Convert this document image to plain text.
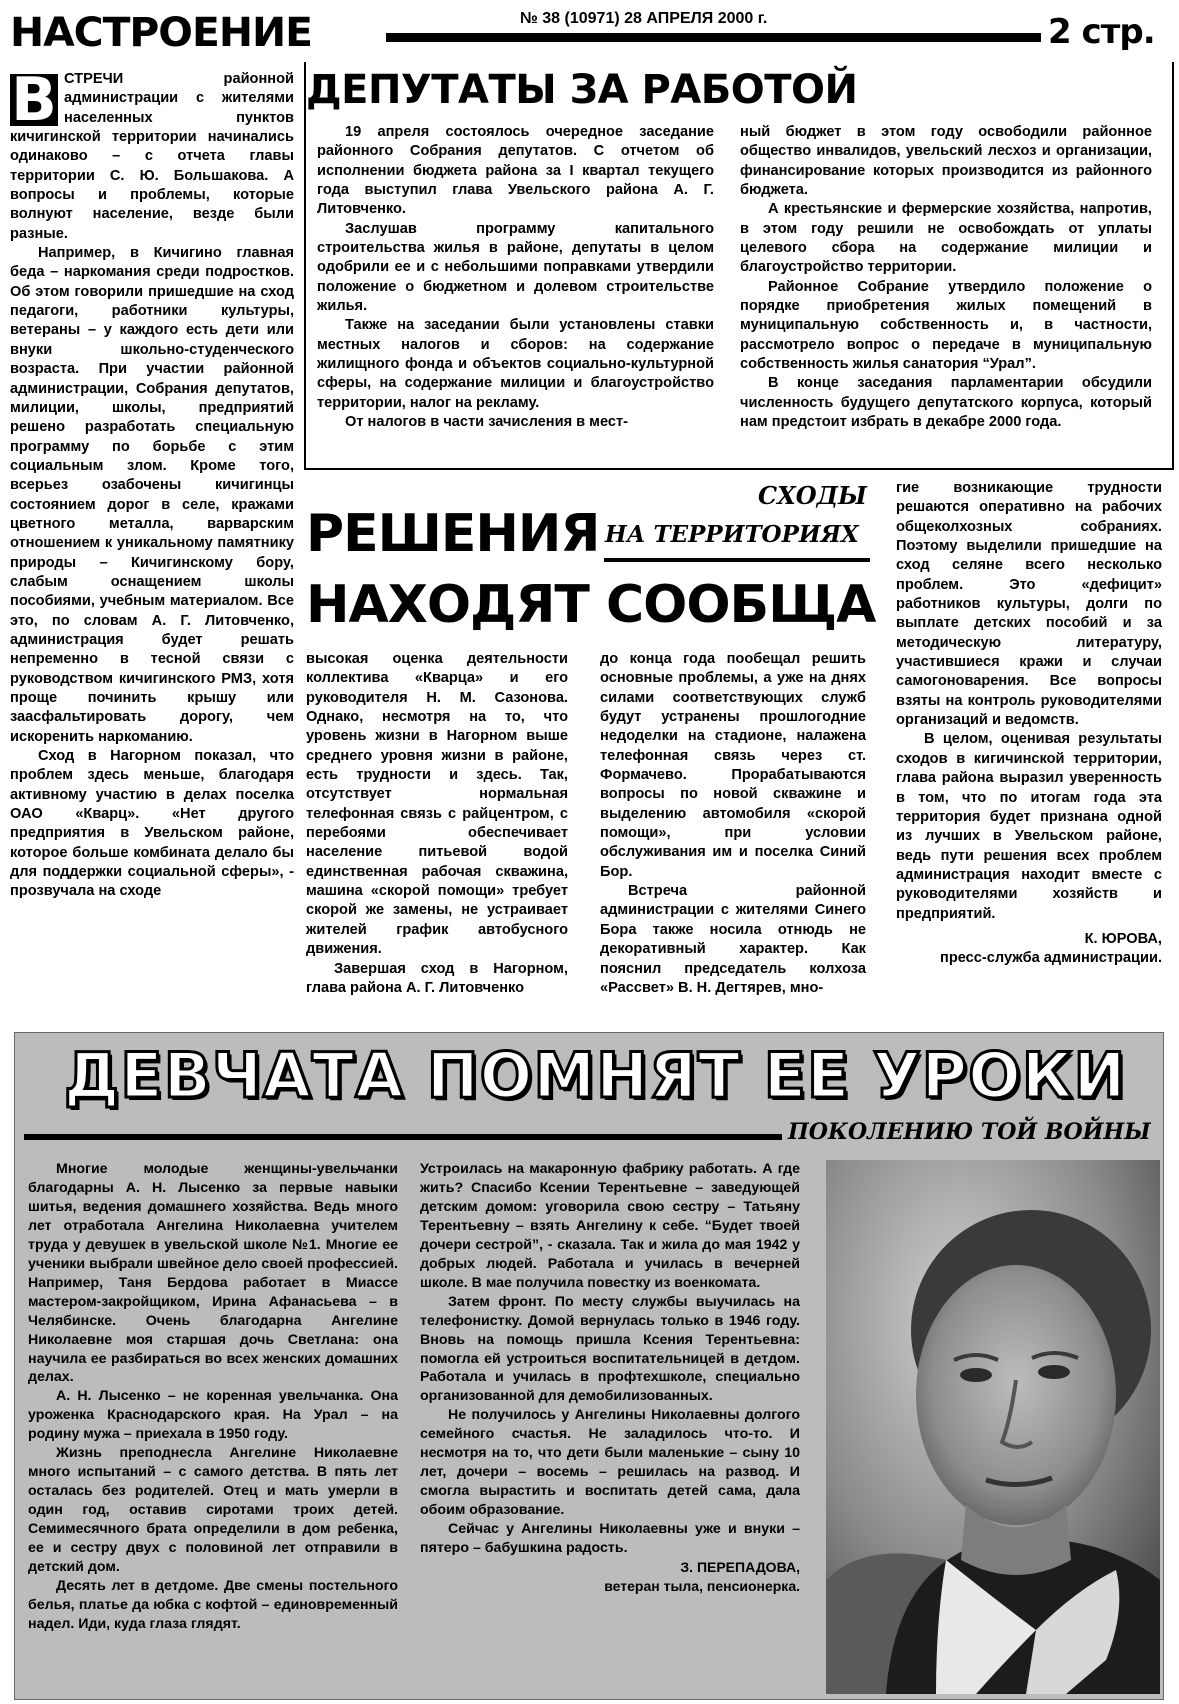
НАСТРОЕНИЕ	№ 38 (10971) 28 АПРЕЛЯ 2000 г.	2 стр.
ДЕПУТАТЫ ЗА РАБОТОЙ

19 апреля состоялось очередное заседание районного Собрания депутатов. С отчетом об исполнении бюджета района за I квартал текущего года выступил глава Увельского района А. Г. Литовченко.

Заслушав программу капитального строительства жилья в районе, депутаты в целом одобрили ее и с небольшими поправками утвердили положение о бюджетном и долевом строительстве жилья.

Также на заседании были установлены ставки местных налогов и сборов: на содержание жилищного фонда и объектов социально-культурной сферы, на содержание милиции и благоустройство территории, налог на рекламу.

От налогов в части зачисления в мест-

ный бюджет в этом году освободили районное общество инвалидов, увельский лесхоз и организации, финансирование которых производится из районного бюджета.

А крестьянские и фермерские хозяйства, напротив, в этом году решили не освобождать от уплаты целевого сбора на содержание милиции и благоустройство территории.

Районное Собрание утвердило положение о порядке приобретения жилых помещений в муниципальную собственность и, в частности, рассмотрело вопрос о передаче в муниципальную собственность жилья санатория “Урал”.

В конце заседания парламентарии обсудили численность будущего депутатского корпуса, который нам предстоит избрать в декабре 2000 года.

В СТРЕЧИ районной администрации с жителями населенных пунктов кичигинской территории начинались одинаково – с отчета главы территории С. Ю. Большакова. А вопросы и проблемы, которые волнуют население, везде были разные.

Например, в Кичигино главная беда – наркомания среди подростков. Об этом говорили пришедшие на сход педагоги, работники культуры, ветераны – у каждого есть дети или внуки школьно-студенческого возраста. При участии районной администрации, Собрания депутатов, милиции, школы, предприятий решено разработать специальную программу по борьбе с этим социальным злом. Кроме того, всерьез озабочены кичигинцы состоянием дорог в селе, кражами цветного металла, варварским отношением к уникальному памятнику природы – Кичигинскому бору, слабым оснащением школы пособиями, учебным материалом. Все это, по словам А. Г. Литовченко, администрация будет решать непременно в тесной связи с руководством кичигинского РМЗ, хотя проще починить крышу или заасфальтировать дорогу, чем искоренить наркоманию.

Сход в Нагорном показал, что проблем здесь меньше, благодаря активному участию в делах поселка ОАО «Кварц». «Нет другого предприятия в Увельском районе, которое больше комбината делало бы для поддержки социальной сферы», - прозвучала на сходе

СХОДЫ
НА ТЕРРИТОРИЯХ
РЕШЕНИЯ
НАХОДЯТ СООБЩА

высокая оценка деятельности коллектива «Кварца» и его руководителя Н. М. Сазонова. Однако, несмотря на то, что уровень жизни в Нагорном выше среднего уровня жизни в районе, есть трудности и здесь. Так, отсутствует нормальная телефонная связь с райцентром, с перебоями обеспечивает население питьевой водой единственная рабочая скважина, машина «скорой помощи» требует скорой же замены, не устраивает жителей график автобусного движения.

Завершая сход в Нагорном, глава района А. Г. Литовченко

до конца года пообещал решить основные проблемы, а уже на днях силами соответствующих служб будут устранены прошлогодние недоделки на стадионе, налажена телефонная связь через ст. Формачево. Прорабатываются вопросы по новой скважине и выделению автомобиля «скорой помощи», при условии обслуживания им и поселка Синий Бор.

Встреча районной администрации с жителями Синего Бора также носила отнюдь не декоративный характер. Как пояснил председатель колхоза «Рассвет» В. Н. Дегтярев, мно-

гие возникающие трудности решаются оперативно на рабочих общеколхозных собраниях. Поэтому выделили пришедшие на сход селяне всего несколько проблем. Это «дефицит» работников культуры, долги по выплате детских пособий и за методическую литературу, участившиеся кражи и случаи самогоноварения. Все вопросы взяты на контроль руководителями организаций и ведомств.

В целом, оценивая результаты сходов в кигичинской территории, глава района выразил уверенность в том, что по итогам года эта территория будет признана одной из лучших в Увельском районе, ведь пути решения всех проблем администрация находит вместе с руководителями хозяйств и предприятий.

К. ЮРОВА,
пресс-служба администрации.
ДЕВЧАТА ПОМНЯТ ЕЕ УРОКИ
ПОКОЛЕНИЮ ТОЙ ВОЙНЫ

Многие молодые женщины-увельчанки благодарны А. Н. Лысенко за первые навыки шитья, ведения домашнего хозяйства. Ведь много лет отработала Ангелина Николаевна учителем труда у девушек в увельской школе №1. Многие ее ученики выбрали швейное дело своей профессией. Например, Таня Бердова работает в Миассе мастером-закройщиком, Ирина Афанасьева – в Челябинске. Очень благодарна Ангелине Николаевне моя старшая дочь Светлана: она научила ее разбираться во всех женских домашних делах.

А. Н. Лысенко – не коренная увельчанка. Она уроженка Краснодарского края. На Урал – на родину мужа – приехала в 1950 году.

Жизнь преподнесла Ангелине Николаевне много испытаний – с самого детства. В пять лет осталась без родителей. Отец и мать умерли в один год, оставив сиротами троих детей. Семимесячного брата определили в дом ребенка, ее и сестру двух с половиной лет отправили в детский дом.

Десять лет в детдоме. Две смены постельного белья, платье да юбка с кофтой – единовременный надел. Иди, куда глаза глядят.

Устроилась на макаронную фабрику работать. А где жить? Спасибо Ксении Терентьевне – заведующей детским домом: уговорила свою сестру – Татьяну Терентьевну – взять Ангелину к себе. “Будет твоей дочери сестрой”, - сказала. Так и жила до мая 1942 у добрых людей. Работала и училась в вечерней школе. В мае получила повестку из военкомата.

Затем фронт. По месту службы выучилась на телефонистку. Домой вернулась только в 1946 году. Вновь на помощь пришла Ксения Терентьевна: помогла ей устроиться воспитательницей в детдом. Работала и училась в профтехшколе, специально организованной для демобилизованных.

Не получилось у Ангелины Николаевны долгого семейного счастья. Не заладилось что-то. И несмотря на то, что дети были маленькие – сыну 10 лет, дочери – восемь – решилась на развод. И смогла вырастить и воспитать детей сама, дала обоим образование.

Сейчас у Ангелины Николаевны уже и внуки – пятеро – бабушкина радость.

З. ПЕРЕПАДОВА,
ветеран тыла, пенсионерка.
